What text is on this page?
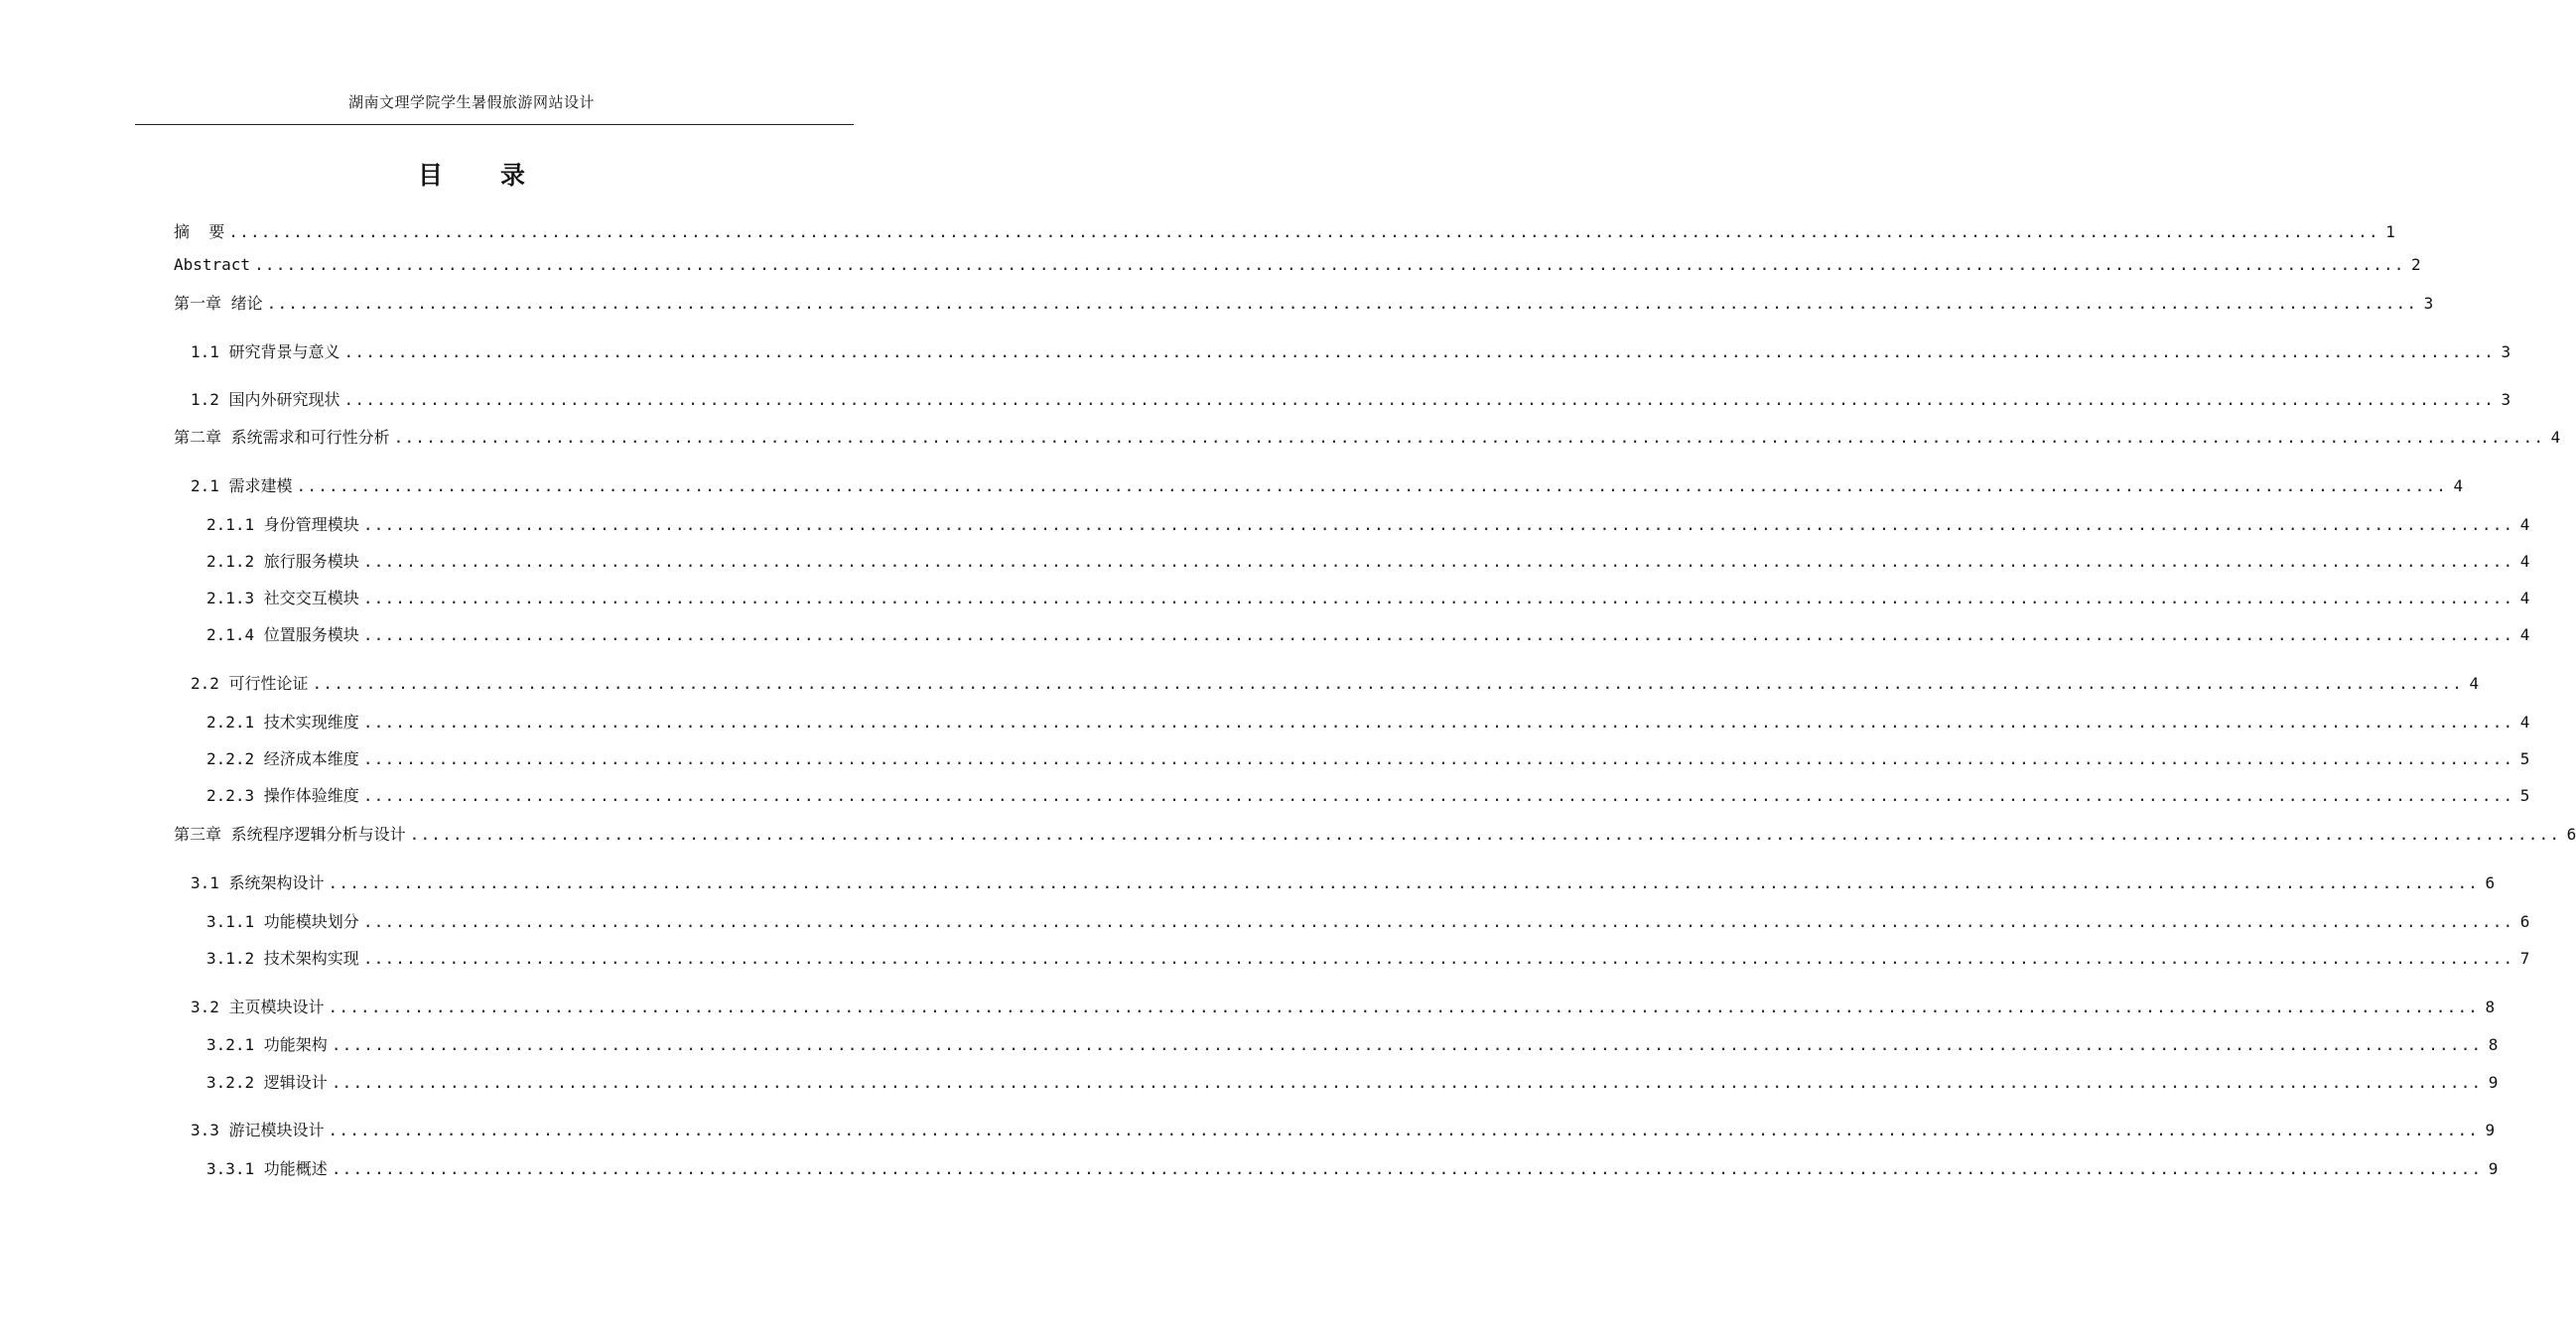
湖南文理学院学生暑假旅游网站设计
目 录
摘  要 ........................................................................................................................................................................................................ 1
Abstract ........................................................................................................................................................................................................ 2
第一章 绪论 ........................................................................................................................................................................................................ 3
1.1 研究背景与意义 ........................................................................................................................................................................................................ 3
1.2 国内外研究现状 ........................................................................................................................................................................................................ 3
第二章 系统需求和可行性分析 ........................................................................................................................................................................................................ 4
2.1 需求建模 ........................................................................................................................................................................................................ 4
2.1.1 身份管理模块 ........................................................................................................................................................................................................ 4
2.1.2 旅行服务模块 ........................................................................................................................................................................................................ 4
2.1.3 社交交互模块 ........................................................................................................................................................................................................ 4
2.1.4 位置服务模块 ........................................................................................................................................................................................................ 4
2.2 可行性论证 ........................................................................................................................................................................................................ 4
2.2.1 技术实现维度 ........................................................................................................................................................................................................ 4
2.2.2 经济成本维度 ........................................................................................................................................................................................................ 5
2.2.3 操作体验维度 ........................................................................................................................................................................................................ 5
第三章 系统程序逻辑分析与设计 ........................................................................................................................................................................................................ 6
3.1 系统架构设计 ........................................................................................................................................................................................................ 6
3.1.1 功能模块划分 ........................................................................................................................................................................................................ 6
3.1.2 技术架构实现 ........................................................................................................................................................................................................ 7
3.2 主页模块设计 ........................................................................................................................................................................................................ 8
3.2.1 功能架构 ........................................................................................................................................................................................................ 8
3.2.2 逻辑设计 ........................................................................................................................................................................................................ 9
3.3 游记模块设计 ........................................................................................................................................................................................................ 9
3.3.1 功能概述 ........................................................................................................................................................................................................ 9
